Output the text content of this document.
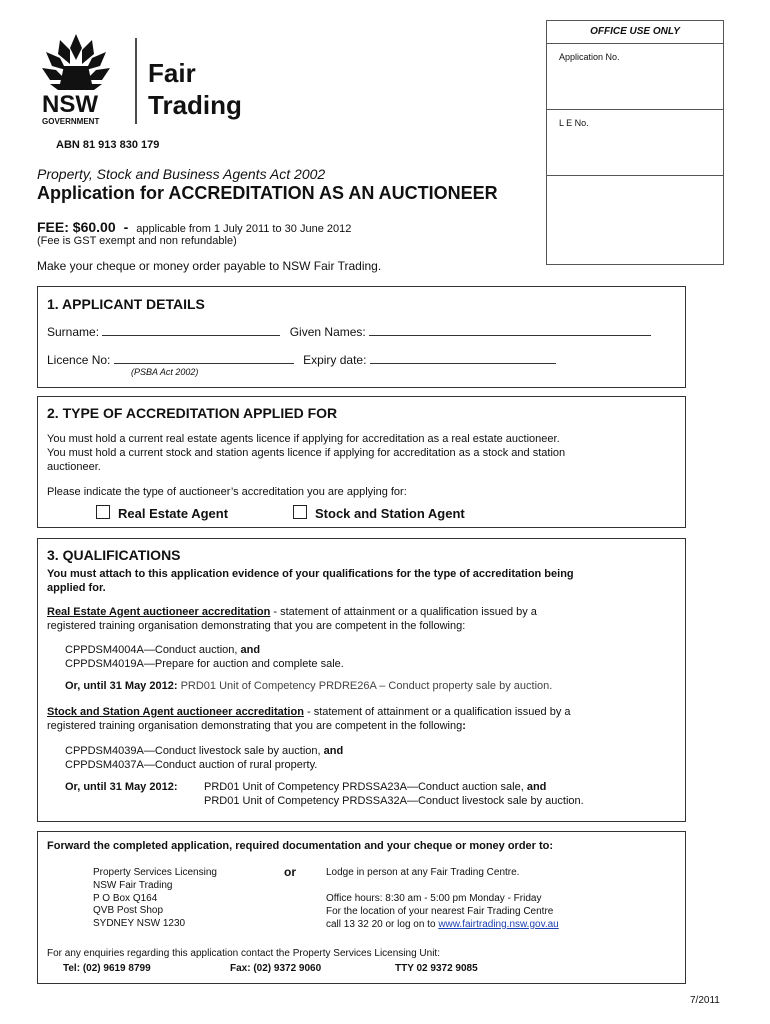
NSW
GOVERNMENT
Fair
Trading
ABN 81 913 830 179
OFFICE USE ONLY
Application No.
L E No.
Property, Stock and Business Agents Act 2002
Application for ACCREDITATION AS AN AUCTIONEER
FEE: $60.00 - applicable from 1 July 2011 to 30 June 2012
(Fee is GST exempt and non refundable)
Make your cheque or money order payable to NSW Fair Trading.
1. APPLICANT DETAILS
Surname:	Given Names:
Licence No:	Expiry date:
(PSBA Act 2002)
2. TYPE OF ACCREDITATION APPLIED FOR
You must hold a current real estate agents licence if applying for accreditation as a real estate auctioneer.
You must hold a current stock and station agents licence if applying for accreditation as a stock and station
auctioneer.
Please indicate the type of auctioneer’s accreditation you are applying for:
Real Estate Agent	Stock and Station Agent
3. QUALIFICATIONS
You must attach to this application evidence of your qualifications for the type of accreditation being
applied for.
Real Estate Agent auctioneer accreditation - statement of attainment or a qualification issued by a
registered training organisation demonstrating that you are competent in the following:
CPPDSM4004A—Conduct auction, and
CPPDSM4019A—Prepare for auction and complete sale.
Or, until 31 May 2012: PRD01 Unit of Competency PRDRE26A – Conduct property sale by auction.
Stock and Station Agent auctioneer accreditation - statement of attainment or a qualification issued by a
registered training organisation demonstrating that you are competent in the following:
CPPDSM4039A—Conduct livestock sale by auction, and
CPPDSM4037A—Conduct auction of rural property.
Or, until 31 May 2012: PRD01 Unit of Competency PRDSSA23A—Conduct auction sale, and
PRD01 Unit of Competency PRDSSA32A—Conduct livestock sale by auction.
Forward the completed application, required documentation and your cheque or money order to:
Property Services Licensing
NSW Fair Trading
P O Box Q164
QVB Post Shop
SYDNEY NSW 1230
or	Lodge in person at any Fair Trading Centre.
Office hours: 8:30 am - 5:00 pm Monday - Friday
For the location of your nearest Fair Trading Centre
call 13 32 20 or log on to www.fairtrading.nsw.gov.au
For any enquiries regarding this application contact the Property Services Licensing Unit:
Tel: (02) 9619 8799	Fax: (02) 9372 9060	TTY 02 9372 9085
7/2011
